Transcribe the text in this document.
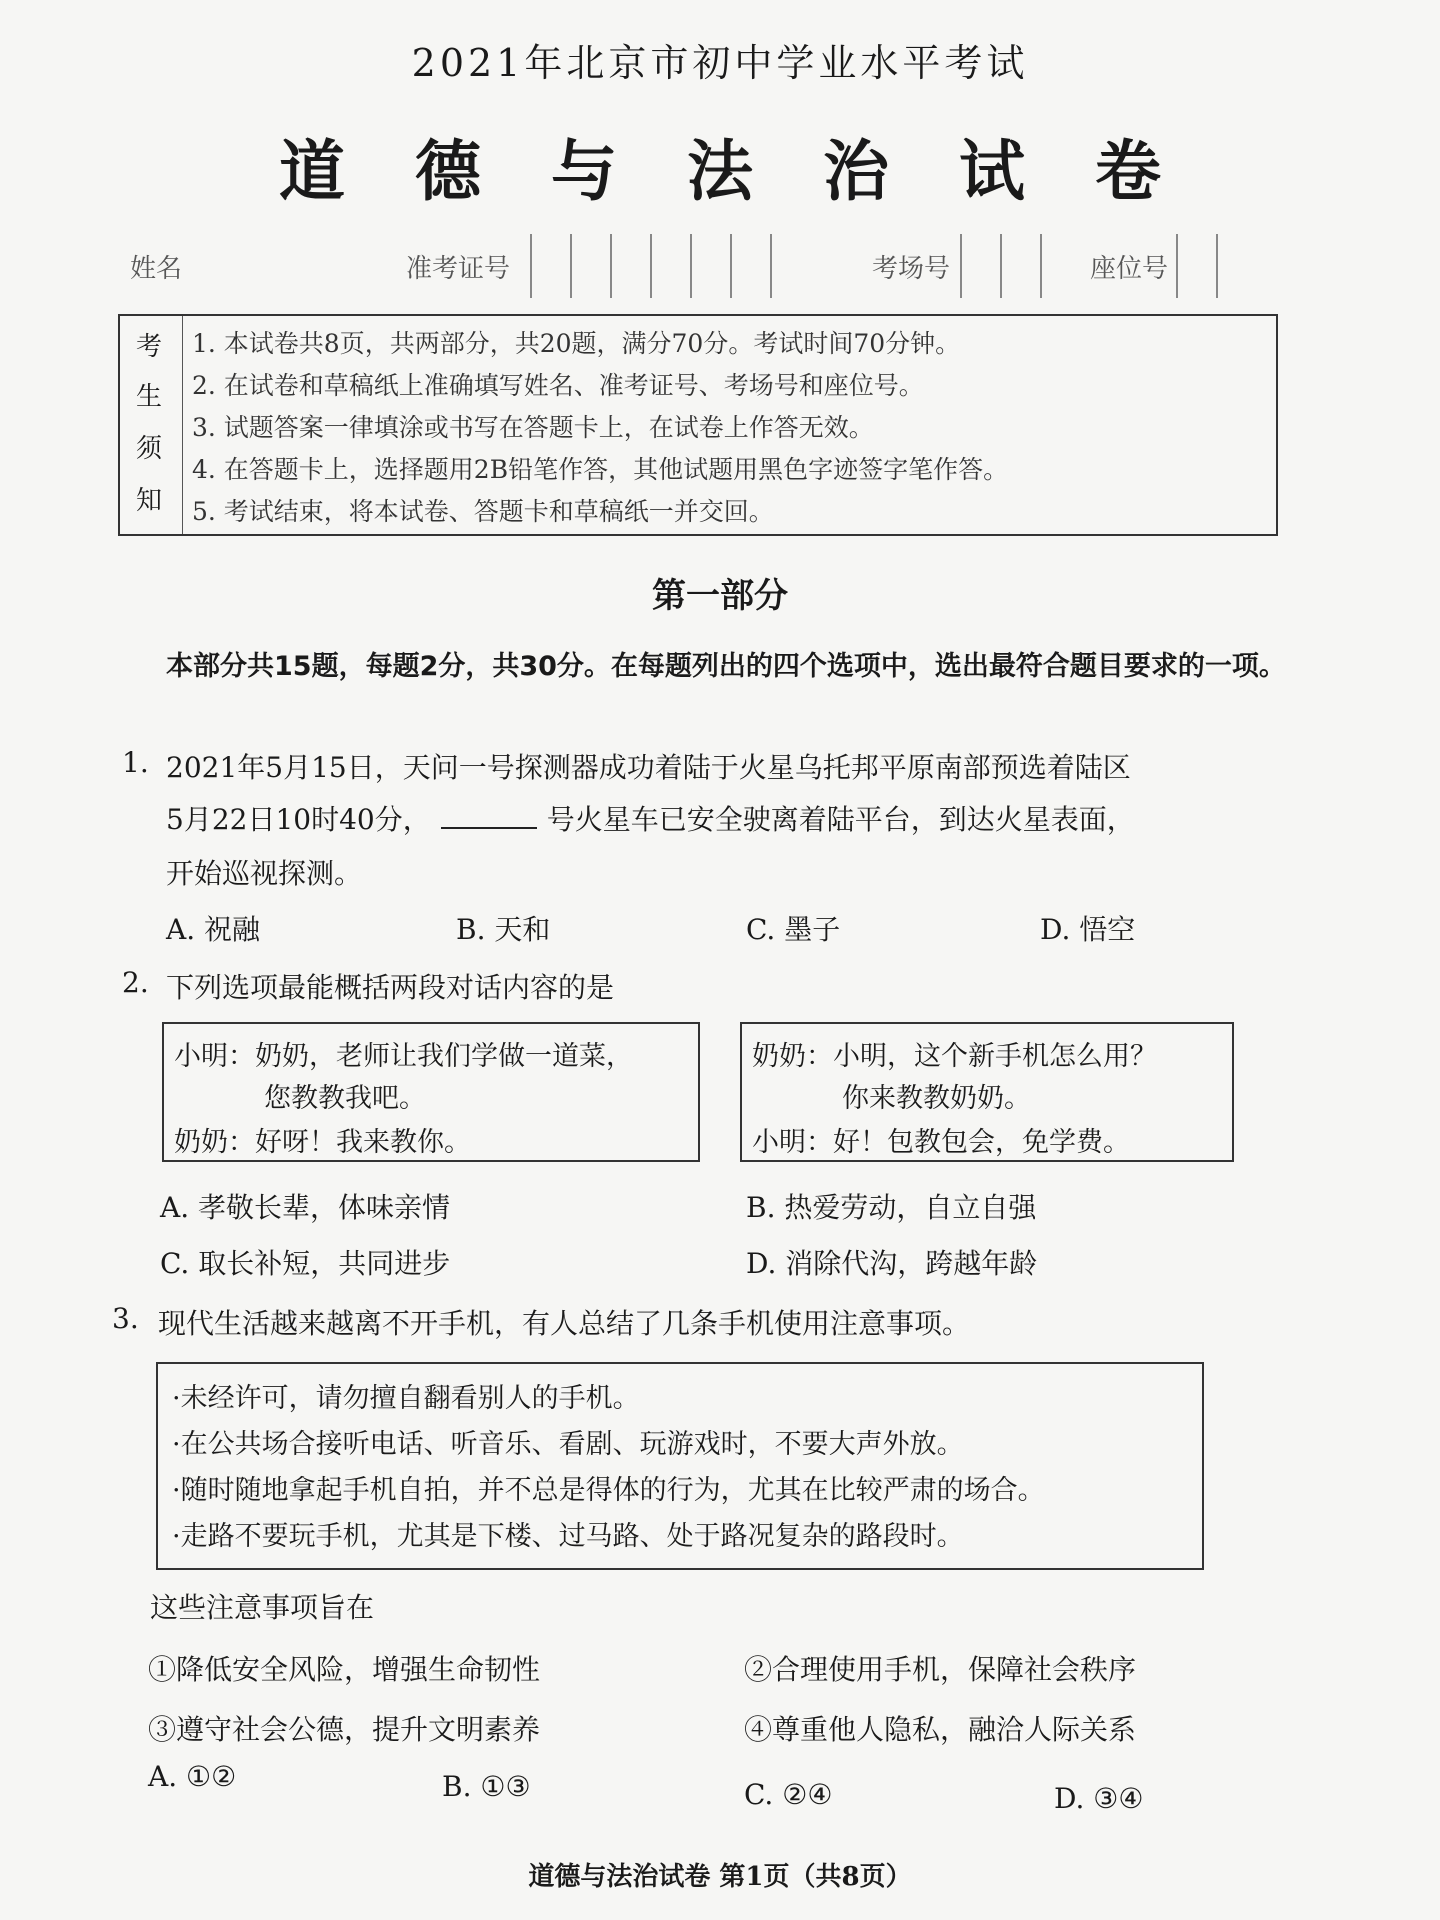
2021年北京市初中学业水平考试
道德与法治试卷
姓名	准考证号	考场号	座位号
考
生
须
知
1. 本试卷共8页，共两部分，共20题，满分70分。考试时间70分钟。
2. 在试卷和草稿纸上准确填写姓名、准考证号、考场号和座位号。
3. 试题答案一律填涂或书写在答题卡上，在试卷上作答无效。
4. 在答题卡上，选择题用2B铅笔作答，其他试题用黑色字迹签字笔作答。
5. 考试结束，将本试卷、答题卡和草稿纸一并交回。
第一部分
本部分共15题，每题2分，共30分。在每题列出的四个选项中，选出最符合题目要求的一项。
1. 2021年5月15日，天问一号探测器成功着陆于火星乌托邦平原南部预选着陆区
5月22日10时40分，	号火星车已安全驶离着陆平台，到达火星表面，
开始巡视探测。
A. 祝融	B. 天和	C. 墨子	D. 悟空
2. 下列选项最能概括两段对话内容的是
小明：奶奶，老师让我们学做一道菜，
您教教我吧。
奶奶：好呀！我来教你。
奶奶：小明，这个新手机怎么用？
你来教教奶奶。
小明：好！包教包会，免学费。
A. 孝敬长辈，体味亲情	B. 热爱劳动，自立自强
C. 取长补短，共同进步	D. 消除代沟，跨越年龄
3. 现代生活越来越离不开手机，有人总结了几条手机使用注意事项。
·未经许可，请勿擅自翻看别人的手机。
·在公共场合接听电话、听音乐、看剧、玩游戏时，不要大声外放。
·随时随地拿起手机自拍，并不总是得体的行为，尤其在比较严肃的场合。
·走路不要玩手机，尤其是下楼、过马路、处于路况复杂的路段时。
这些注意事项旨在
①降低安全风险，增强生命韧性	②合理使用手机，保障社会秩序
③遵守社会公德，提升文明素养	④尊重他人隐私，融洽人际关系
A. ①②	B. ①③	C. ②④	D. ③④
道德与法治试卷 第1页（共8页）
